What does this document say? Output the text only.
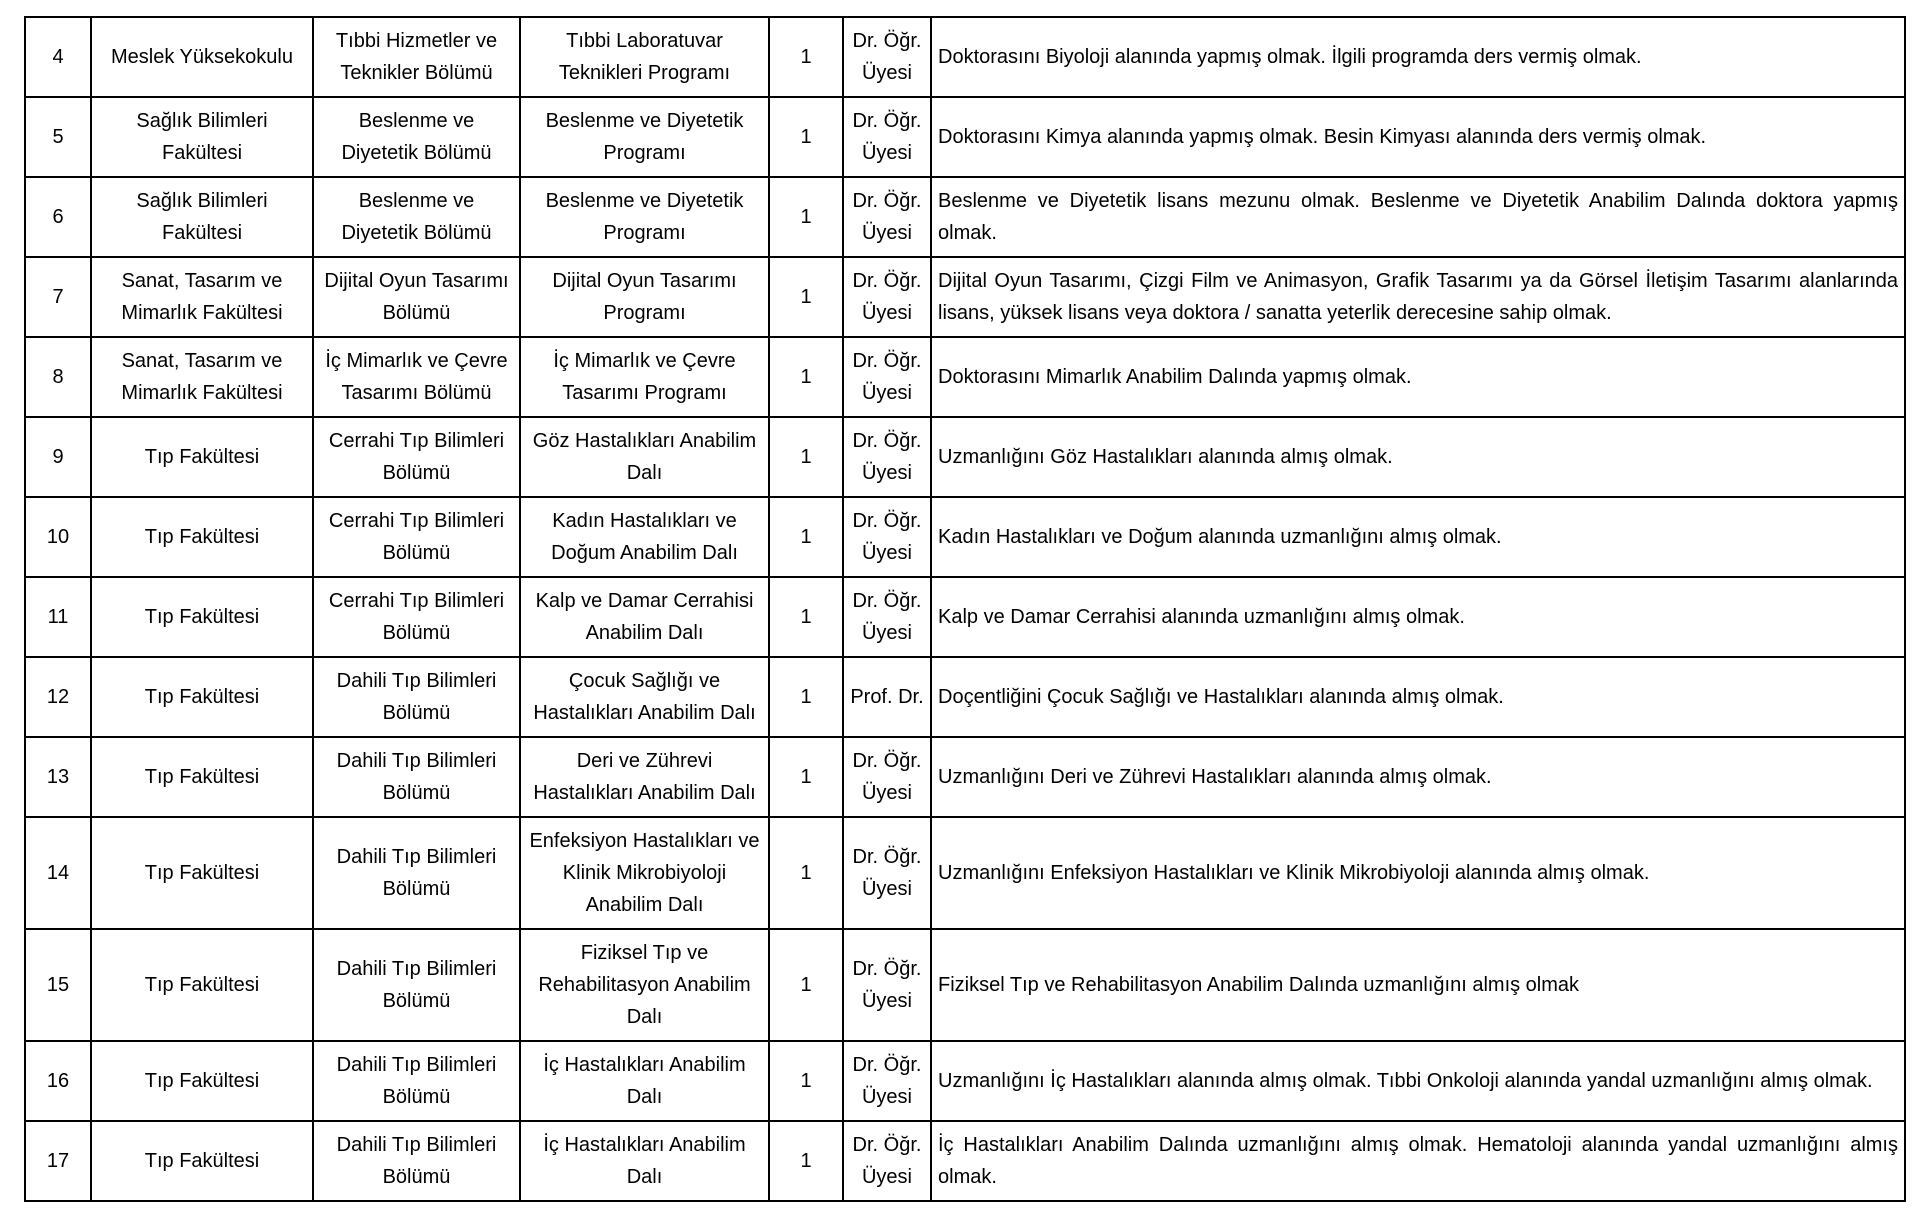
4	Meslek Yüksekokulu	Tıbbi Hizmetler ve Teknikler Bölümü	Tıbbi Laboratuvar Teknikleri Programı	1	Dr. Öğr. Üyesi	Doktorasını Biyoloji alanında yapmış olmak. İlgili programda ders vermiş olmak.
5	Sağlık Bilimleri Fakültesi	Beslenme ve Diyetetik Bölümü	Beslenme ve Diyetetik Programı	1	Dr. Öğr. Üyesi	Doktorasını Kimya alanında yapmış olmak. Besin Kimyası alanında ders vermiş olmak.
6	Sağlık Bilimleri Fakültesi	Beslenme ve Diyetetik Bölümü	Beslenme ve Diyetetik Programı	1	Dr. Öğr. Üyesi	Beslenme ve Diyetetik lisans mezunu olmak. Beslenme ve Diyetetik Anabilim Dalında doktora yapmış olmak.
7	Sanat, Tasarım ve Mimarlık Fakültesi	Dijital Oyun Tasarımı Bölümü	Dijital Oyun Tasarımı Programı	1	Dr. Öğr. Üyesi	Dijital Oyun Tasarımı, Çizgi Film ve Animasyon, Grafik Tasarımı ya da Görsel İletişim Tasarımı alanlarında lisans, yüksek lisans veya doktora / sanatta yeterlik derecesine sahip olmak.
8	Sanat, Tasarım ve Mimarlık Fakültesi	İç Mimarlık ve Çevre Tasarımı Bölümü	İç Mimarlık ve Çevre Tasarımı Programı	1	Dr. Öğr. Üyesi	Doktorasını Mimarlık Anabilim Dalında yapmış olmak.
9	Tıp Fakültesi	Cerrahi Tıp Bilimleri Bölümü	Göz Hastalıkları Anabilim Dalı	1	Dr. Öğr. Üyesi	Uzmanlığını Göz Hastalıkları alanında almış olmak.
10	Tıp Fakültesi	Cerrahi Tıp Bilimleri Bölümü	Kadın Hastalıkları ve Doğum Anabilim Dalı	1	Dr. Öğr. Üyesi	Kadın Hastalıkları ve Doğum alanında uzmanlığını almış olmak.
11	Tıp Fakültesi	Cerrahi Tıp Bilimleri Bölümü	Kalp ve Damar Cerrahisi Anabilim Dalı	1	Dr. Öğr. Üyesi	Kalp ve Damar Cerrahisi alanında uzmanlığını almış olmak.
12	Tıp Fakültesi	Dahili Tıp Bilimleri Bölümü	Çocuk Sağlığı ve Hastalıkları Anabilim Dalı	1	Prof. Dr.	Doçentliğini Çocuk Sağlığı ve Hastalıkları alanında almış olmak.
13	Tıp Fakültesi	Dahili Tıp Bilimleri Bölümü	Deri ve Zührevi Hastalıkları Anabilim Dalı	1	Dr. Öğr. Üyesi	Uzmanlığını Deri ve Zührevi Hastalıkları alanında almış olmak.
14	Tıp Fakültesi	Dahili Tıp Bilimleri Bölümü	Enfeksiyon Hastalıkları ve Klinik Mikrobiyoloji Anabilim Dalı	1	Dr. Öğr. Üyesi	Uzmanlığını Enfeksiyon Hastalıkları ve Klinik Mikrobiyoloji alanında almış olmak.
15	Tıp Fakültesi	Dahili Tıp Bilimleri Bölümü	Fiziksel Tıp ve Rehabilitasyon Anabilim Dalı	1	Dr. Öğr. Üyesi	Fiziksel Tıp ve Rehabilitasyon Anabilim Dalında uzmanlığını almış olmak
16	Tıp Fakültesi	Dahili Tıp Bilimleri Bölümü	İç Hastalıkları Anabilim Dalı	1	Dr. Öğr. Üyesi	Uzmanlığını İç Hastalıkları alanında almış olmak. Tıbbi Onkoloji alanında yandal uzmanlığını almış olmak.
17	Tıp Fakültesi	Dahili Tıp Bilimleri Bölümü	İç Hastalıkları Anabilim Dalı	1	Dr. Öğr. Üyesi	İç Hastalıkları Anabilim Dalında uzmanlığını almış olmak. Hematoloji alanında yandal uzmanlığını almış olmak.
